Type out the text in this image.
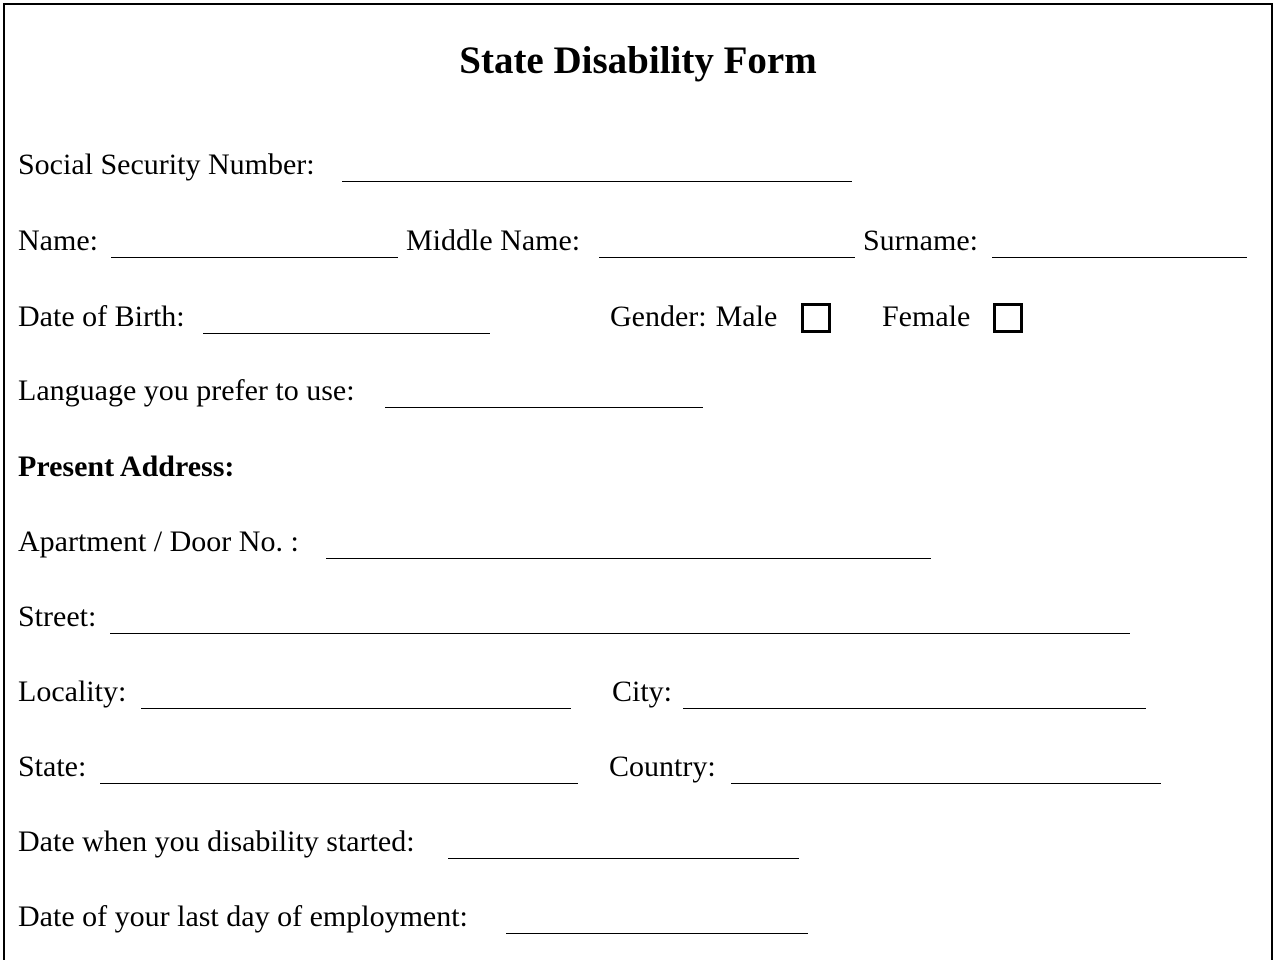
State Disability Form
Social Security Number:
Name:	Middle Name:	Surname:
Date of Birth:	Gender: Male	Female
Language you prefer to use:
Present Address:
Apartment / Door No. :
Street:
Locality:	City:
State:	Country:
Date when you disability started:
Date of your last day of employment:
